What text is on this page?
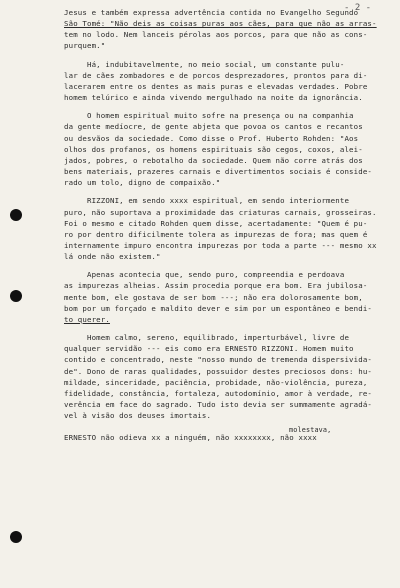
- 2 -
Jesus e também expressa advertência contida no Evangelho Segundo
São Tomé: "Não deis as coisas puras aos cães, para que não as arras-
tem no lodo. Nem lanceis pérolas aos porcos, para que não as cons-
purquem."
Há, indubitavelmente, no meio social, um constante pulu-
lar de cães zombadores e de porcos desprezadores, prontos para di-
lacerarem entre os dentes as mais puras e elevadas verdades. Pobre
homem telúrico e ainda vivendo mergulhado na noite da ignorância.
O homem espiritual muito sofre na presença ou na companhia
da gente medíocre, de gente abjeta que povoa os cantos e recantos
ou desvãos da sociedade. Como disse o Prof. Huberto Rohden: "Aos
olhos dos profanos, os homens espirituais são cegos, coxos, alei-
jados, pobres, o rebotalho da sociedade. Quem não corre atrás dos
bens materiais, prazeres carnais e divertimentos sociais é conside-
rado um tolo, digno de compaixão."
RIZZONI, em sendo xxxx espiritual, em sendo interiormente
puro, não suportava a proximidade das criaturas carnais, grosseiras.
Foi o mesmo e citado Rohden quem disse, acertadamente: "Quem é pu-
ro por dentro dificilmente tolera as impurezas de fora; mas quem é
internamente impuro encontra impurezas por toda a parte --- mesmo xx
lá onde não existem."
Apenas acontecia que, sendo puro, compreendia e perdoava
as impurezas alheias. Assim procedia porque era bom. Era jubilosa-
mente bom, ele gostava de ser bom ---; não era dolorosamente bom,
bom por um forçado e maldito dever e sim por um espontâneo e bendi-
to querer.
Homem calmo, sereno, equilibrado, imperturbável, livre de
qualquer servidão --- eis como era ERNESTO RIZZONI. Homem muito
contido e concentrado, neste "nosso mundo de tremenda dispersivida-
de". Dono de raras qualidades, possuidor destes preciosos dons: hu-
mildade, sinceridade, paciência, probidade, não-violência, pureza,
fidelidade, constância, fortaleza, autodomínio, amor à verdade, re-
verência em face do sagrado. Tudo isto devia ser summamente agradá-
vel à visão dos deuses imortais.
molestava,
ERNESTO não odieva xx a ninguém, não xxxxxxxx, não xxxx
